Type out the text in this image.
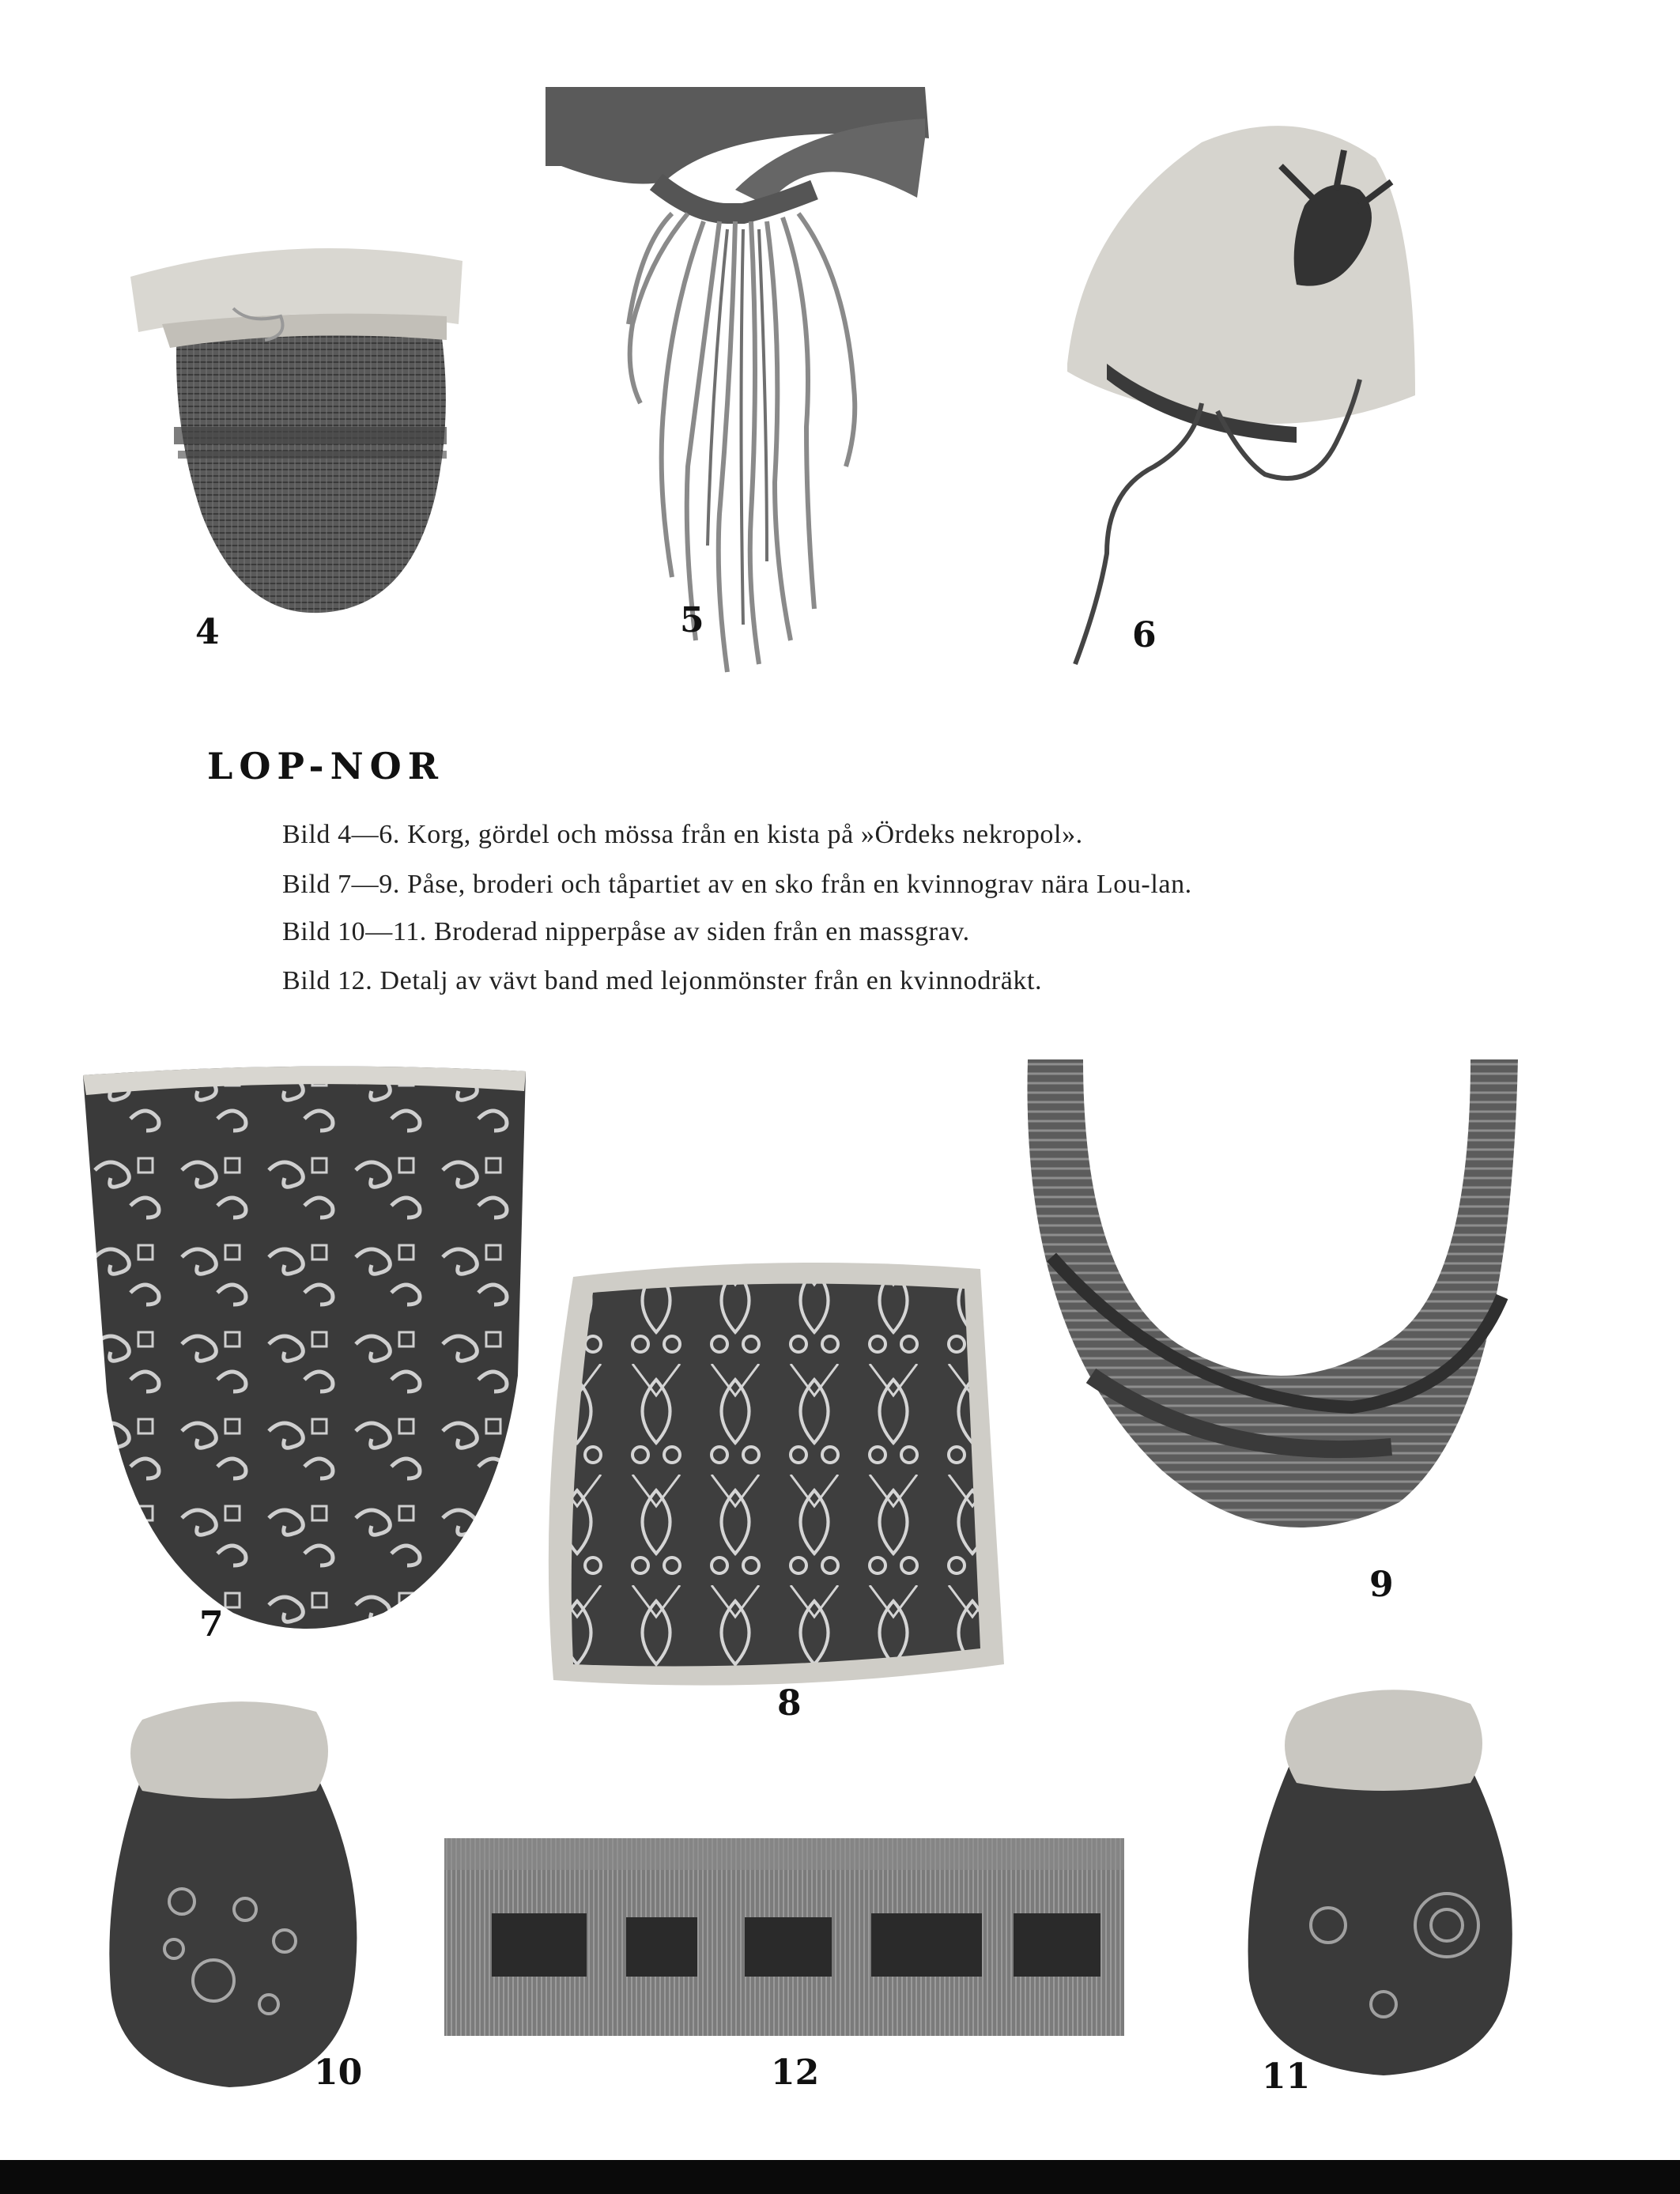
4	5	6
LOP-NOR
Bild 4—6. Korg, gördel och mössa från en kista på »Ördeks nekropol».
Bild 7—9. Påse, broderi och tåpartiet av en sko från en kvinnograv nära Lou-lan.
Bild 10—11. Broderad nipperpåse av siden från en massgrav.
Bild 12. Detalj av vävt band med lejonmönster från en kvinnodräkt.
7
8
9
10	12	11
